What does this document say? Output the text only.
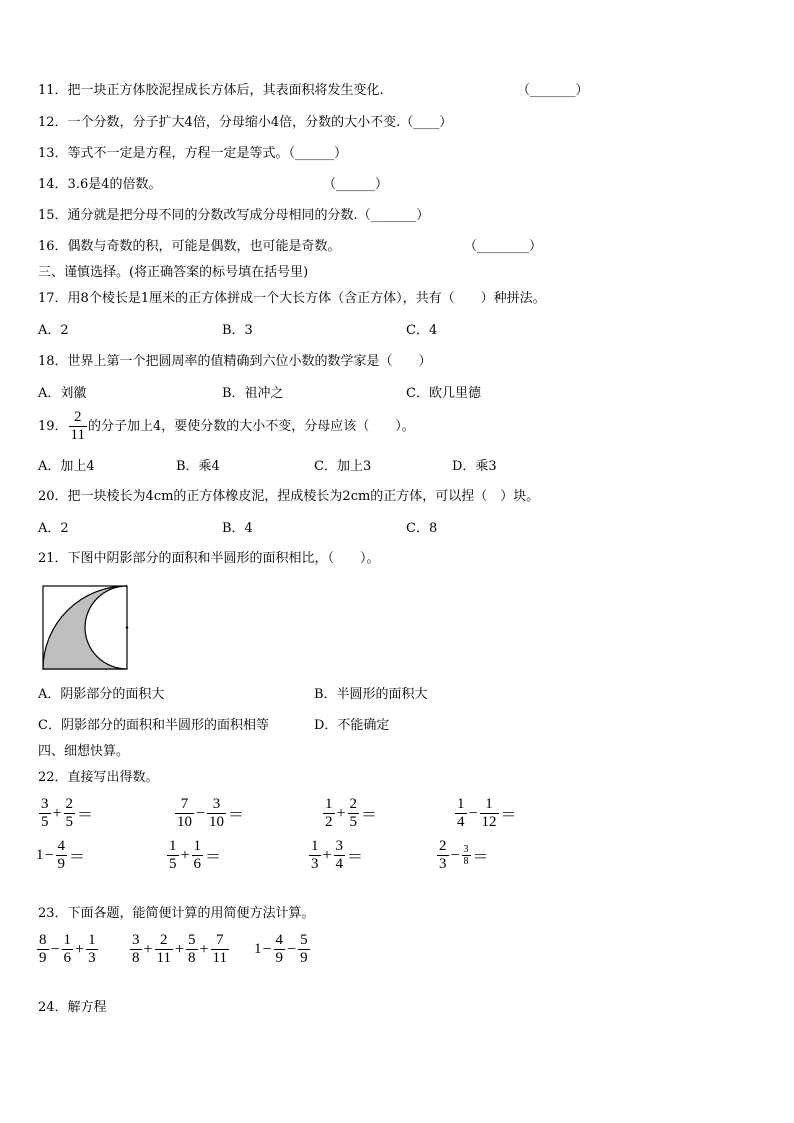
11．把一块正方体胶泥捏成长方体后，其表面积将发生变化.	（_______）
12．一个分数，分子扩大4倍，分母缩小4倍，分数的大小不变.（____）
13．等式不一定是方程，方程一定是等式。（______）
14．3.6是4的倍数。	（______）
15．通分就是把分母不同的分数改写成分母相同的分数.（_______）
16．偶数与奇数的积，可能是偶数，也可能是奇数。	（________）
三、谨慎选择。(将正确答案的标号填在括号里)
17．用8个棱长是1厘米的正方体拼成一个大长方体（含正方体），共有（　　）种拼法。
A．2	B．3	C．4
18．世界上第一个把圆周率的值精确到六位小数的数学家是（　　）
A．刘徽	B．祖冲之	C．欧几里德
19． $\frac{2}{11}$ 的分子加上4，要使分数的大小不变，分母应该（　　）。
A．加上4	B．乘4	C．加上3	D．乘3
20．把一块棱长为4cm的正方体橡皮泥，捏成棱长为2cm的正方体，可以捏（　）块。
A．2	B．4	C．8
21．下图中阴影部分的面积和半圆形的面积相比，（　　）。
A．阴影部分的面积大	B．半圆形的面积大
C．阴影部分的面积和半圆形的面积相等	D．不能确定
四、细想快算。
22．直接写出得数。
$\frac{3}{5} + \frac{2}{5}$ ＝	$\frac{7}{10} - \frac{3}{10}$ ＝	$\frac{1}{2} + \frac{2}{5}$ ＝	$\frac{1}{4} - \frac{1}{12}$ ＝
$1 - \frac{4}{9}$ ＝	$\frac{1}{5} + \frac{1}{6}$ ＝	$\frac{1}{3} + \frac{3}{4}$ ＝	$\frac{2}{3} - \frac{3}{8}$ ＝
23．下面各题，能简便计算的用简便方法计算。
$\frac{8}{9} - \frac{1}{6} + \frac{1}{3} \frac{3}{8} + \frac{2}{11} + \frac{5}{8} + \frac{7}{11} 1 - \frac{4}{9} - \frac{5}{9}$
24．解方程
